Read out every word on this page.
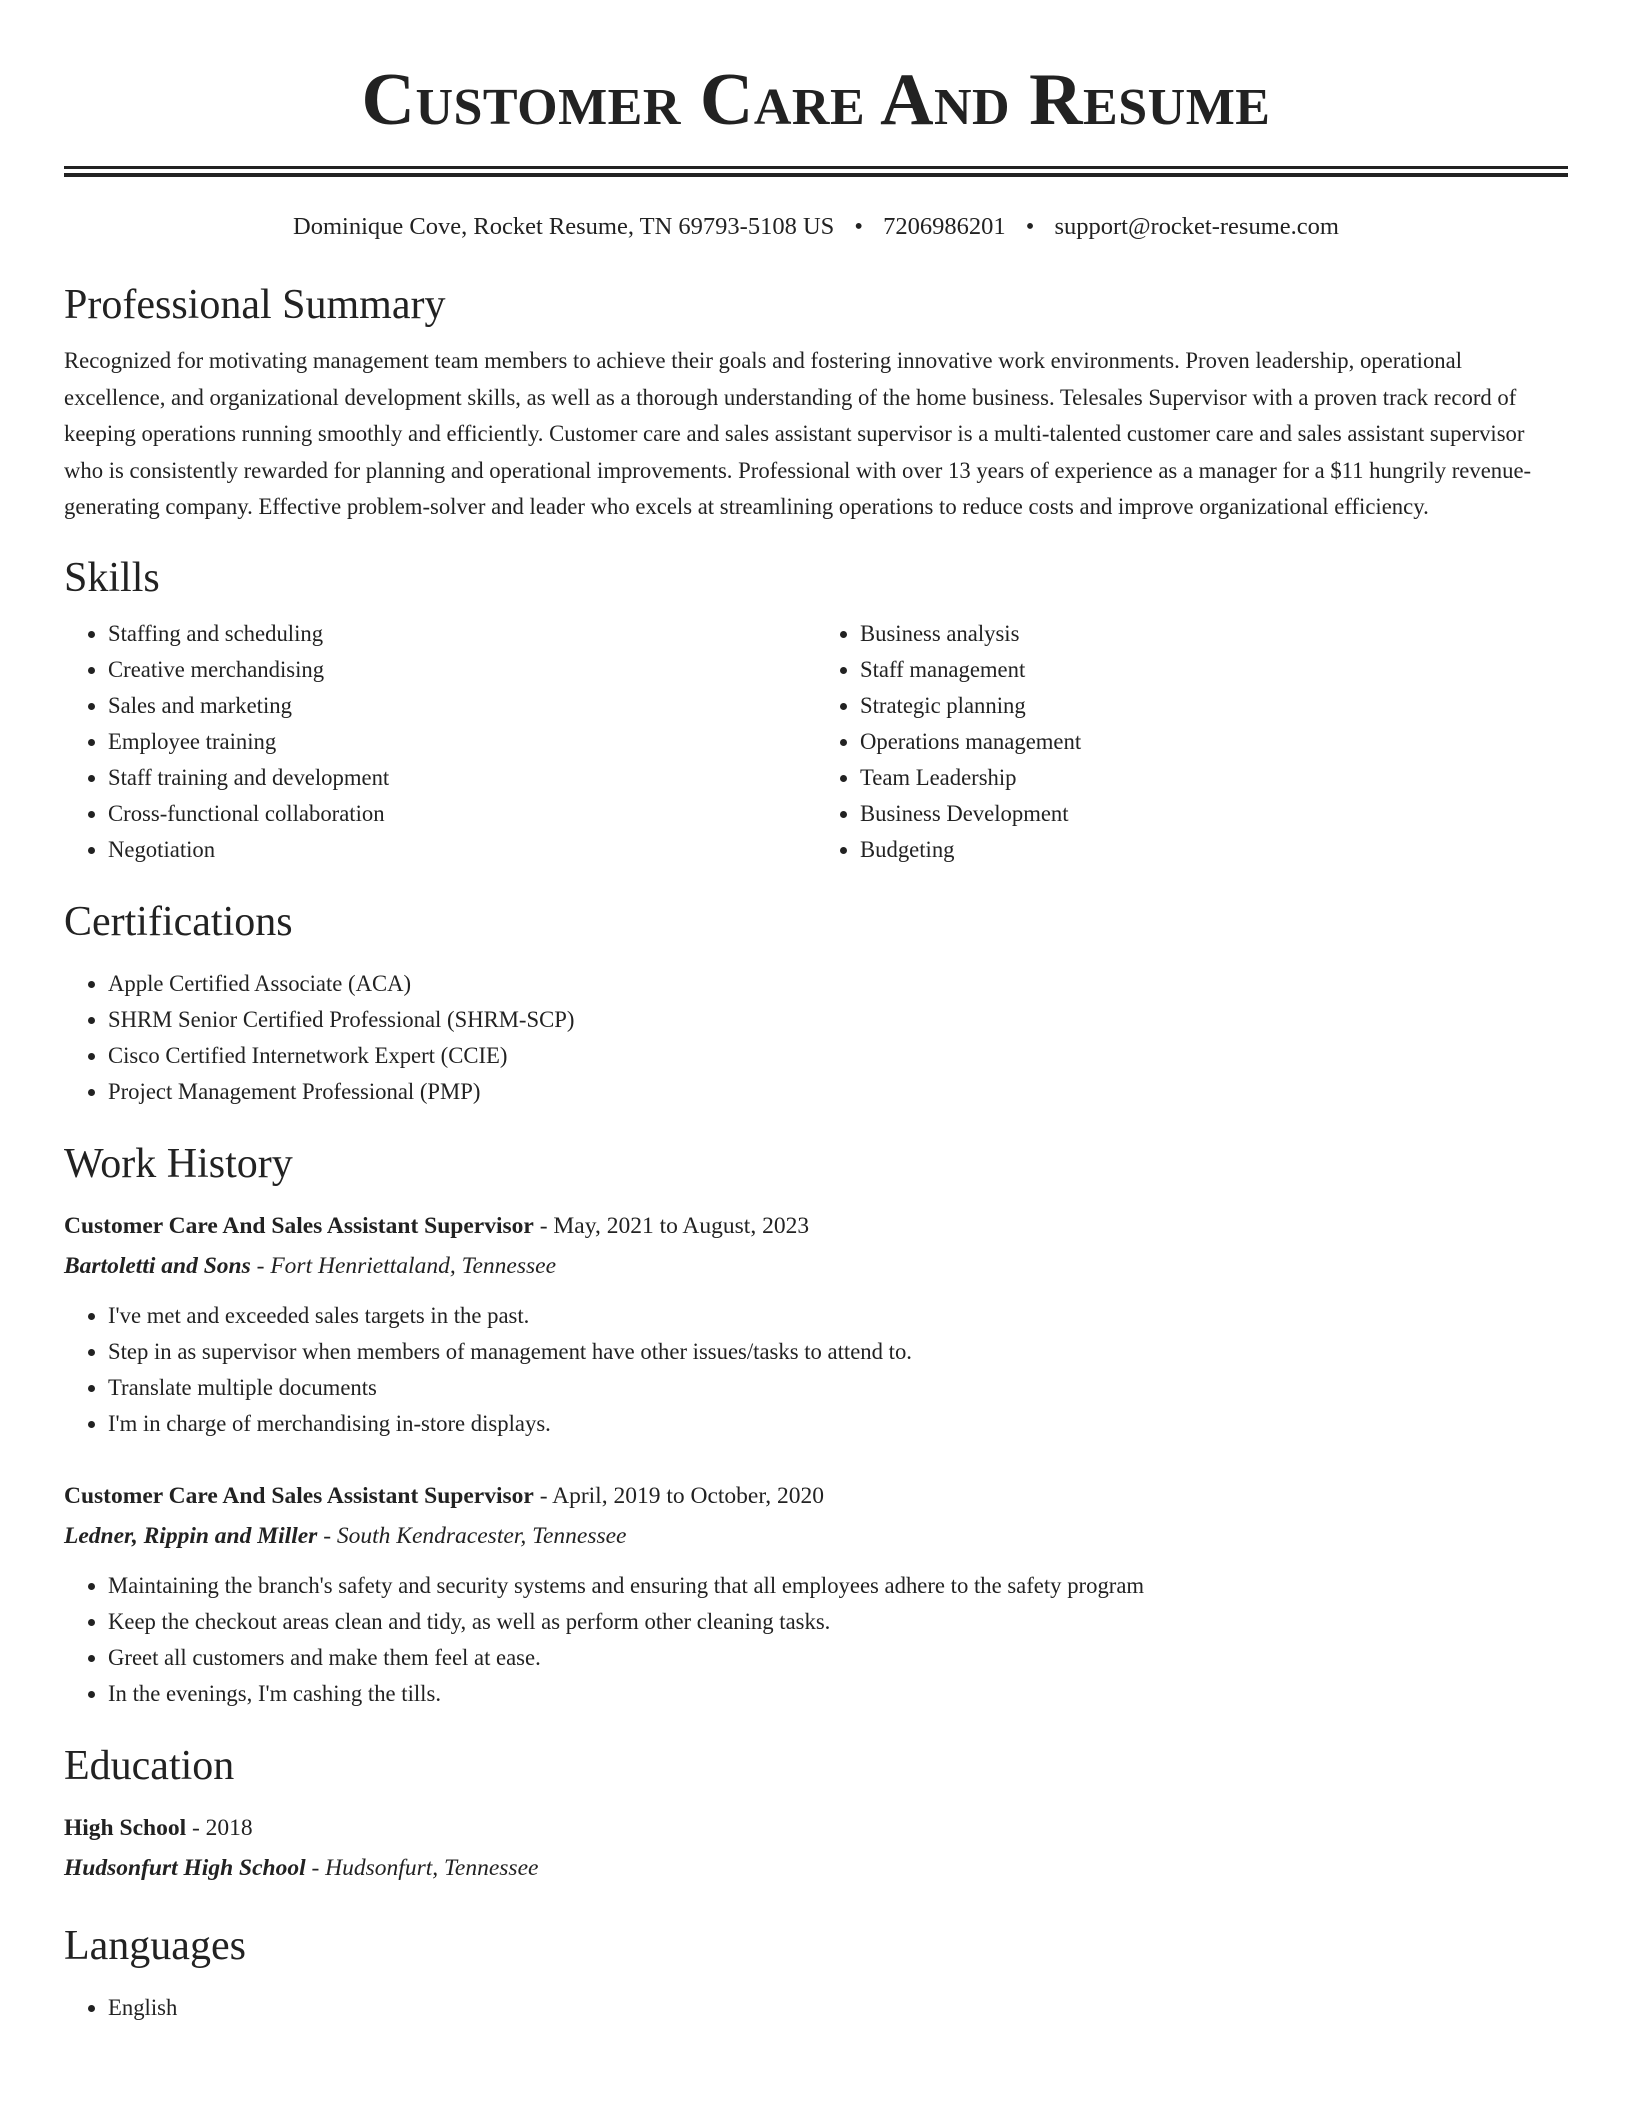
Customer Care And Resume
Dominique Cove, Rocket Resume, TN 69793-5108 US • 7206986201 • support@rocket-resume.com
Professional Summary

Recognized for motivating management team members to achieve their goals and fostering innovative work environments. Proven leadership, operational excellence, and organizational development skills, as well as a thorough understanding of the home business. Telesales Supervisor with a proven track record of keeping operations running smoothly and efficiently. Customer care and sales assistant supervisor is a multi-talented customer care and sales assistant supervisor who is consistently rewarded for planning and operational improvements. Professional with over 13 years of experience as a manager for a $11 hungrily revenue-generating company. Effective problem-solver and leader who excels at streamlining operations to reduce costs and improve organizational efficiency.

Skills
• Staffing and scheduling
• Creative merchandising
• Sales and marketing
• Employee training
• Staff training and development
• Cross-functional collaboration
• Negotiation
• Business analysis
• Staff management
• Strategic planning
• Operations management
• Team Leadership
• Business Development
• Budgeting
Certifications
• Apple Certified Associate (ACA)
• SHRM Senior Certified Professional (SHRM-SCP)
• Cisco Certified Internetwork Expert (CCIE)
• Project Management Professional (PMP)
Work History
Customer Care And Sales Assistant Supervisor - May, 2021 to August, 2023
Bartoletti and Sons - Fort Henriettaland, Tennessee
• I've met and exceeded sales targets in the past.
• Step in as supervisor when members of management have other issues/tasks to attend to.
• Translate multiple documents
• I'm in charge of merchandising in-store displays.
Customer Care And Sales Assistant Supervisor - April, 2019 to October, 2020
Ledner, Rippin and Miller - South Kendracester, Tennessee
• Maintaining the branch's safety and security systems and ensuring that all employees adhere to the safety program
• Keep the checkout areas clean and tidy, as well as perform other cleaning tasks.
• Greet all customers and make them feel at ease.
• In the evenings, I'm cashing the tills.
Education
High School - 2018
Hudsonfurt High School - Hudsonfurt, Tennessee
Languages
• English
